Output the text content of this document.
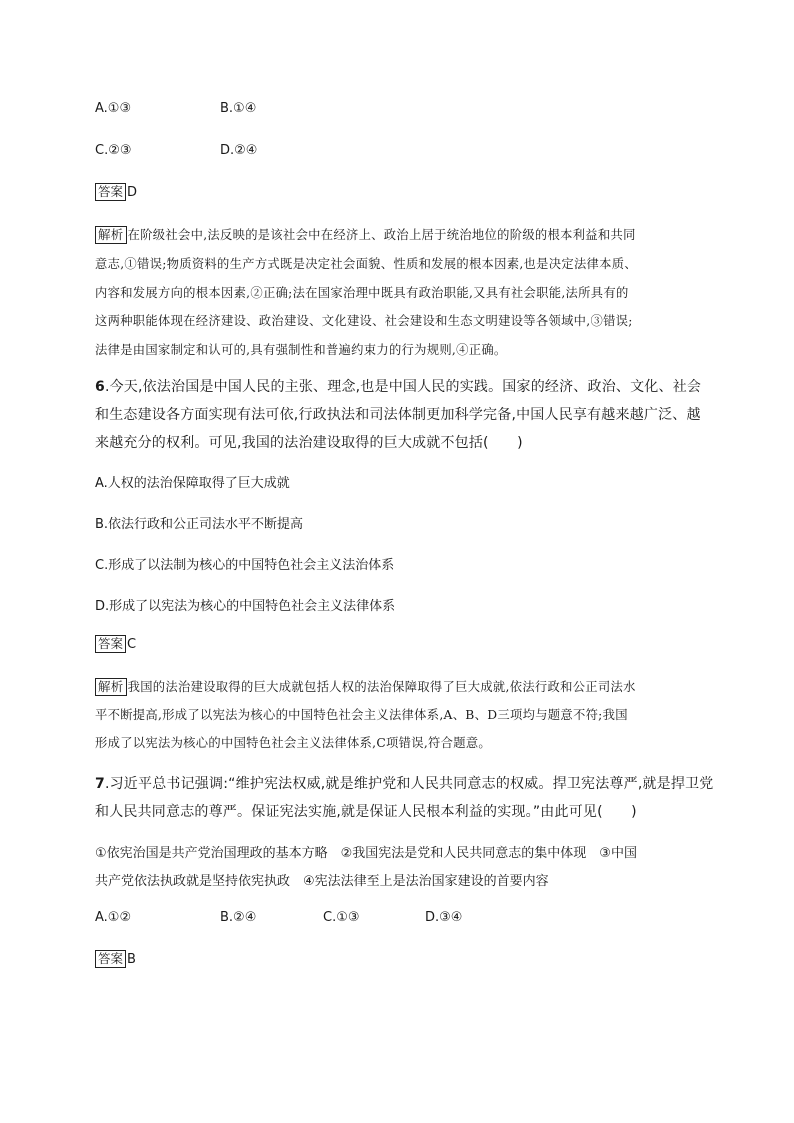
A.①③	B.①④
C.②③	D.②④
答案 D
解析 在阶级社会中,法反映的是该社会中在经济上、政治上居于统治地位的阶级的根本利益和共同
意志,①错误;物质资料的生产方式既是决定社会面貌、性质和发展的根本因素,也是决定法律本质、
内容和发展方向的根本因素,②正确;法在国家治理中既具有政治职能,又具有社会职能,法所具有的
这两种职能体现在经济建设、政治建设、文化建设、社会建设和生态文明建设等各领域中,③错误;
法律是由国家制定和认可的,具有强制性和普遍约束力的行为规则,④正确。
6.今天,依法治国是中国人民的主张、理念,也是中国人民的实践。国家的经济、政治、文化、社会
和生态建设各方面实现有法可依,行政执法和司法体制更加科学完备,中国人民享有越来越广泛、越
来越充分的权利。可见,我国的法治建设取得的巨大成就不包括(　　)
A.人权的法治保障取得了巨大成就
B.依法行政和公正司法水平不断提高
C.形成了以法制为核心的中国特色社会主义法治体系
D.形成了以宪法为核心的中国特色社会主义法律体系
答案 C
解析 我国的法治建设取得的巨大成就包括人权的法治保障取得了巨大成就,依法行政和公正司法水
平不断提高,形成了以宪法为核心的中国特色社会主义法律体系,A、B、D三项均与题意不符;我国
形成了以宪法为核心的中国特色社会主义法律体系,C项错误,符合题意。
7.习近平总书记强调:“维护宪法权威,就是维护党和人民共同意志的权威。捍卫宪法尊严,就是捍卫党
和人民共同意志的尊严。保证宪法实施,就是保证人民根本利益的实现。”由此可见(　　)
①依宪治国是共产党治国理政的基本方略　②我国宪法是党和人民共同意志的集中体现　③中国
共产党依法执政就是坚持依宪执政　④宪法法律至上是法治国家建设的首要内容
A.①②	B.②④	C.①③	D.③④
答案 B
